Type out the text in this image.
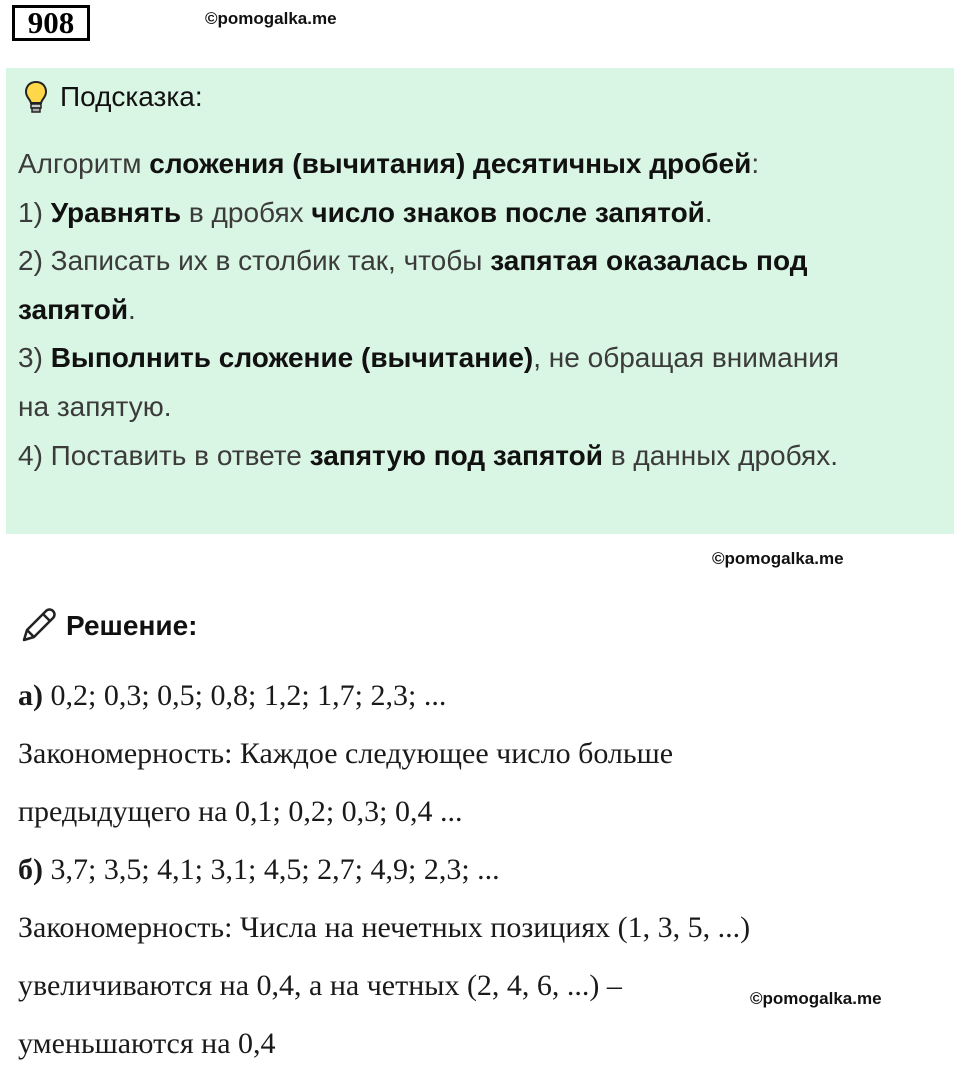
908	©pomogalka.me
Подсказка:
Алгоритм сложения (вычитания) десятичных дробей:
1) Уравнять в дробях число знаков после запятой.
2) Записать их в столбик так, чтобы запятая оказалась под
запятой.
3) Выполнить сложение (вычитание), не обращая внимания
на запятую.
4) Поставить в ответе запятую под запятой в данных дробях.
©pomogalka.me
Решение:
а) 0,2; 0,3; 0,5; 0,8; 1,2; 1,7; 2,3; ...
Закономерность: Каждое следующее число больше
предыдущего на 0,1; 0,2; 0,3; 0,4 ...
б) 3,7; 3,5; 4,1; 3,1; 4,5; 2,7; 4,9; 2,3; ...
Закономерность: Числа на нечетных позициях (1, 3, 5, ...)
увеличиваются на 0,4, а на четных (2, 4, 6, ...) –
уменьшаются на 0,4
©pomogalka.me
